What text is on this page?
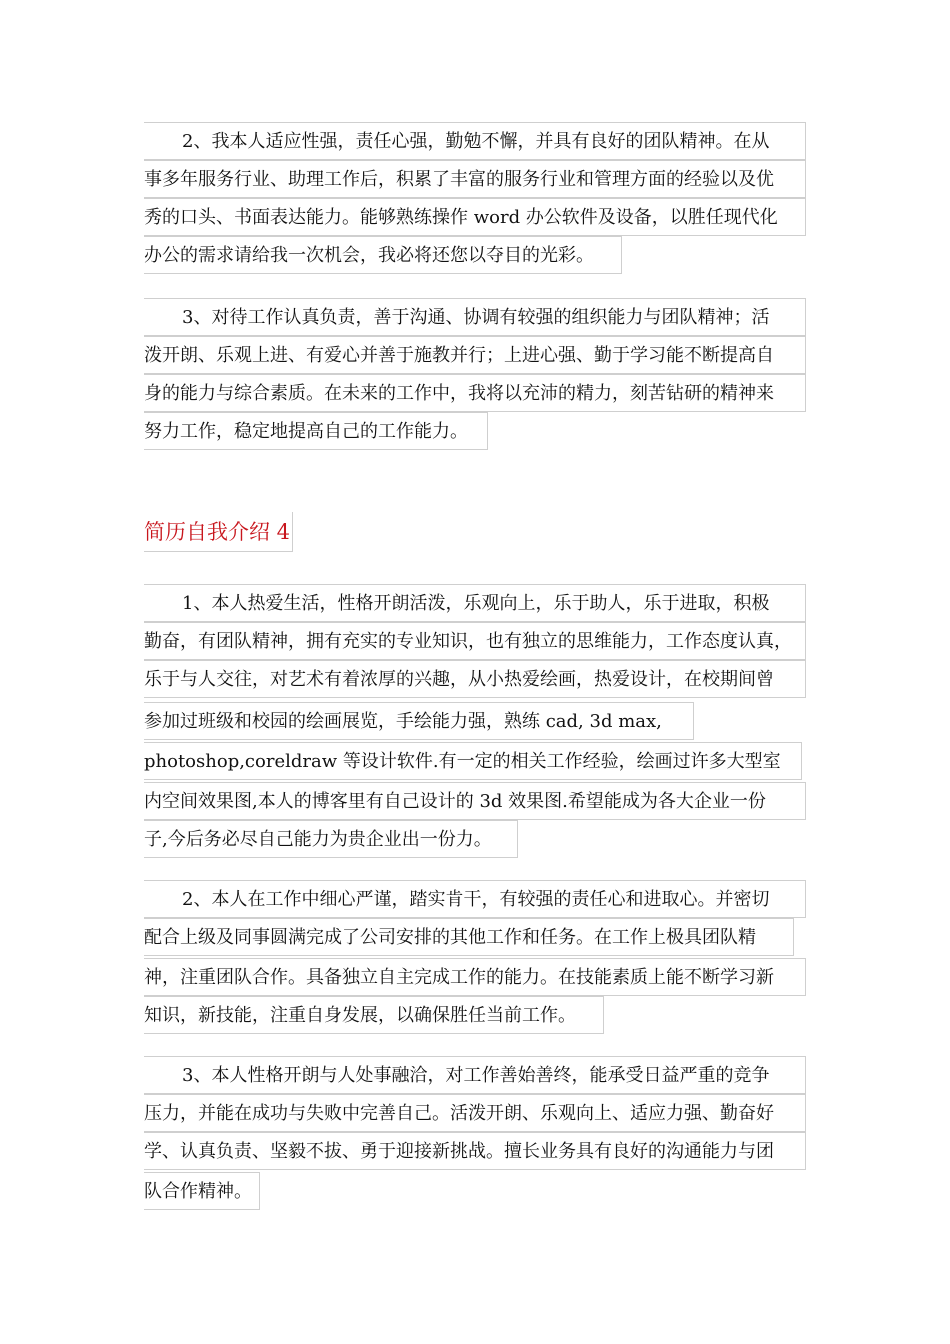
2、我本人适应性强，责任心强，勤勉不懈，并具有良好的团队精神。在从
事多年服务行业、助理工作后，积累了丰富的服务行业和管理方面的经验以及优
秀的口头、书面表达能力。能够熟练操作 word 办公软件及设备，以胜任现代化
办公的需求请给我一次机会，我必将还您以夺目的光彩。
3、对待工作认真负责，善于沟通、协调有较强的组织能力与团队精神；活
泼开朗、乐观上进、有爱心并善于施教并行；上进心强、勤于学习能不断提高自
身的能力与综合素质。在未来的工作中，我将以充沛的精力，刻苦钻研的精神来
努力工作，稳定地提高自己的工作能力。
简历自我介绍 4
1、本人热爱生活，性格开朗活泼，乐观向上，乐于助人，乐于进取，积极
勤奋，有团队精神，拥有充实的专业知识，也有独立的思维能力，工作态度认真，
乐于与人交往，对艺术有着浓厚的兴趣，从小热爱绘画，热爱设计，在校期间曾
参加过班级和校园的绘画展览，手绘能力强，熟练 cad, 3d max,
photoshop,coreldraw 等设计软件.有一定的相关工作经验，绘画过许多大型室
内空间效果图,本人的博客里有自己设计的 3d 效果图.希望能成为各大企业一份
子,今后务必尽自己能力为贵企业出一份力。
2、本人在工作中细心严谨，踏实肯干，有较强的责任心和进取心。并密切
配合上级及同事圆满完成了公司安排的其他工作和任务。在工作上极具团队精
神，注重团队合作。具备独立自主完成工作的能力。在技能素质上能不断学习新
知识，新技能，注重自身发展，以确保胜任当前工作。
3、本人性格开朗与人处事融洽，对工作善始善终，能承受日益严重的竞争
压力，并能在成功与失败中完善自己。活泼开朗、乐观向上、适应力强、勤奋好
学、认真负责、坚毅不拔、勇于迎接新挑战。擅长业务具有良好的沟通能力与团
队合作精神。
